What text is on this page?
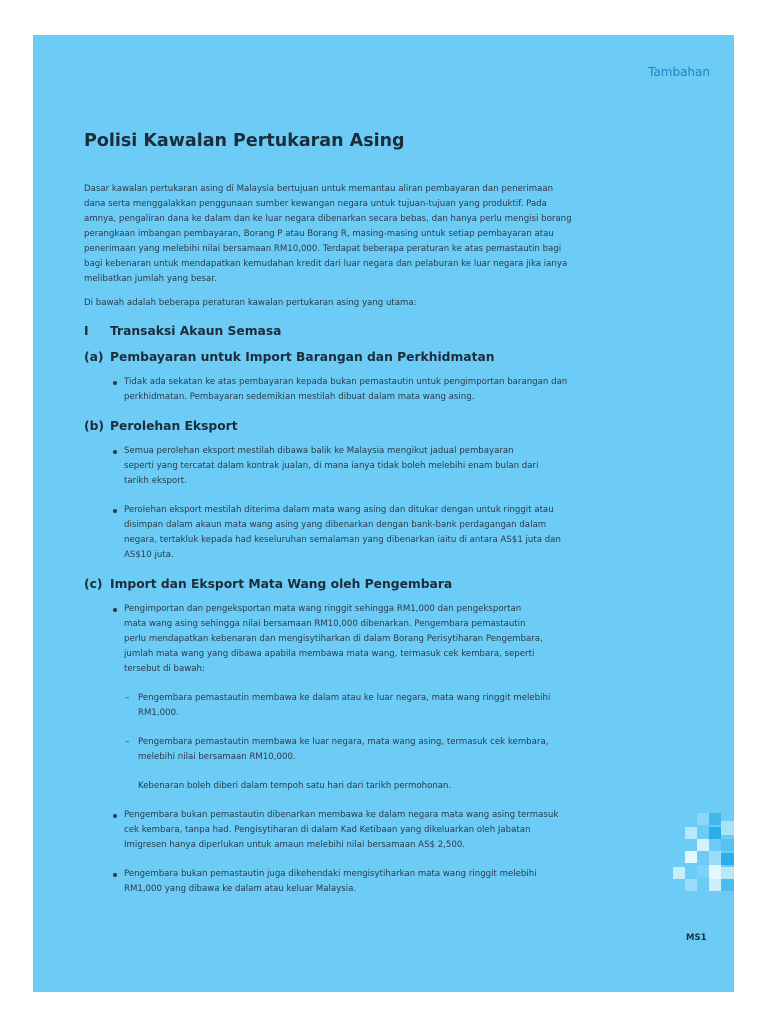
Tambahan
Polisi Kawalan Pertukaran Asing

Dasar kawalan pertukaran asing di Malaysia bertujuan untuk memantau aliran pembayaran dan penerimaan
dana serta menggalakkan penggunaan sumber kewangan negara untuk tujuan-tujuan yang produktif. Pada
amnya, pengaliran dana ke dalam dan ke luar negara dibenarkan secara bebas, dan hanya perlu mengisi borang
perangkaan imbangan pembayaran, Borang P atau Borang R, masing-masing untuk setiap pembayaran atau
penerimaan yang melebihi nilai bersamaan RM10,000. Terdapat beberapa peraturan ke atas pemastautin bagi
bagi kebenaran untuk mendapatkan kemudahan kredit dari luar negara dan pelaburan ke luar negara jika ianya
melibatkan jumlah yang besar.

Di bawah adalah beberapa peraturan kawalan pertukaran asing yang utama:

I	Transaksi Akaun Semasa
(a) Pembayaran untuk Import Barangan dan Perkhidmatan

Tidak ada sekatan ke atas pembayaran kepada bukan pemastautin untuk pengimportan barangan dan
perkhidmatan. Pembayaran sedemikian mestilah dibuat dalam mata wang asing.

(b) Perolehan Eksport

Semua perolehan eksport mestilah dibawa balik ke Malaysia mengikut jadual pembayaran
seperti yang tercatat dalam kontrak jualan, di mana ianya tidak boleh melebihi enam bulan dari
tarikh eksport.

Perolehan eksport mestilah diterima dalam mata wang asing dan ditukar dengan untuk ringgit atau
disimpan dalam akaun mata wang asing yang dibenarkan dengan bank-bank perdagangan dalam
negara, tertakluk kepada had keseluruhan semalaman yang dibenarkan iaitu di antara AS$1 juta dan
AS$10 juta.

(c) Import dan Eksport Mata Wang oleh Pengembara

Pengimportan dan pengeksportan mata wang ringgit sehingga RM1,000 dan pengeksportan
mata wang asing sehingga nilai bersamaan RM10,000 dibenarkan. Pengembara pemastautin
perlu mendapatkan kebenaran dan mengisytiharkan di dalam Borang Perisytiharan Pengembara,
jumlah mata wang yang dibawa apabila membawa mata wang, termasuk cek kembara, seperti
tersebut di bawah:

– Pengembara pemastautin membawa ke dalam atau ke luar negara, mata wang ringgit melebihi
RM1,000.

– Pengembara pemastautin membawa ke luar negara, mata wang asing, termasuk cek kembara,
melebihi nilai bersamaan RM10,000.

Kebenaran boleh diberi dalam tempoh satu hari dari tarikh permohonan.

Pengembara bukan pemastautin dibenarkan membawa ke dalam negara mata wang asing termasuk
cek kembara, tanpa had. Pengisytiharan di dalam Kad Ketibaan yang dikeluarkan oleh Jabatan
Imigresen hanya diperlukan untuk amaun melebihi nilai bersamaan AS$ 2,500.

Pengembara bukan pemastautin juga dikehendaki mengisytiharkan mata wang ringgit melebihi
RM1,000 yang dibawa ke dalam atau keluar Malaysia.

MS1
